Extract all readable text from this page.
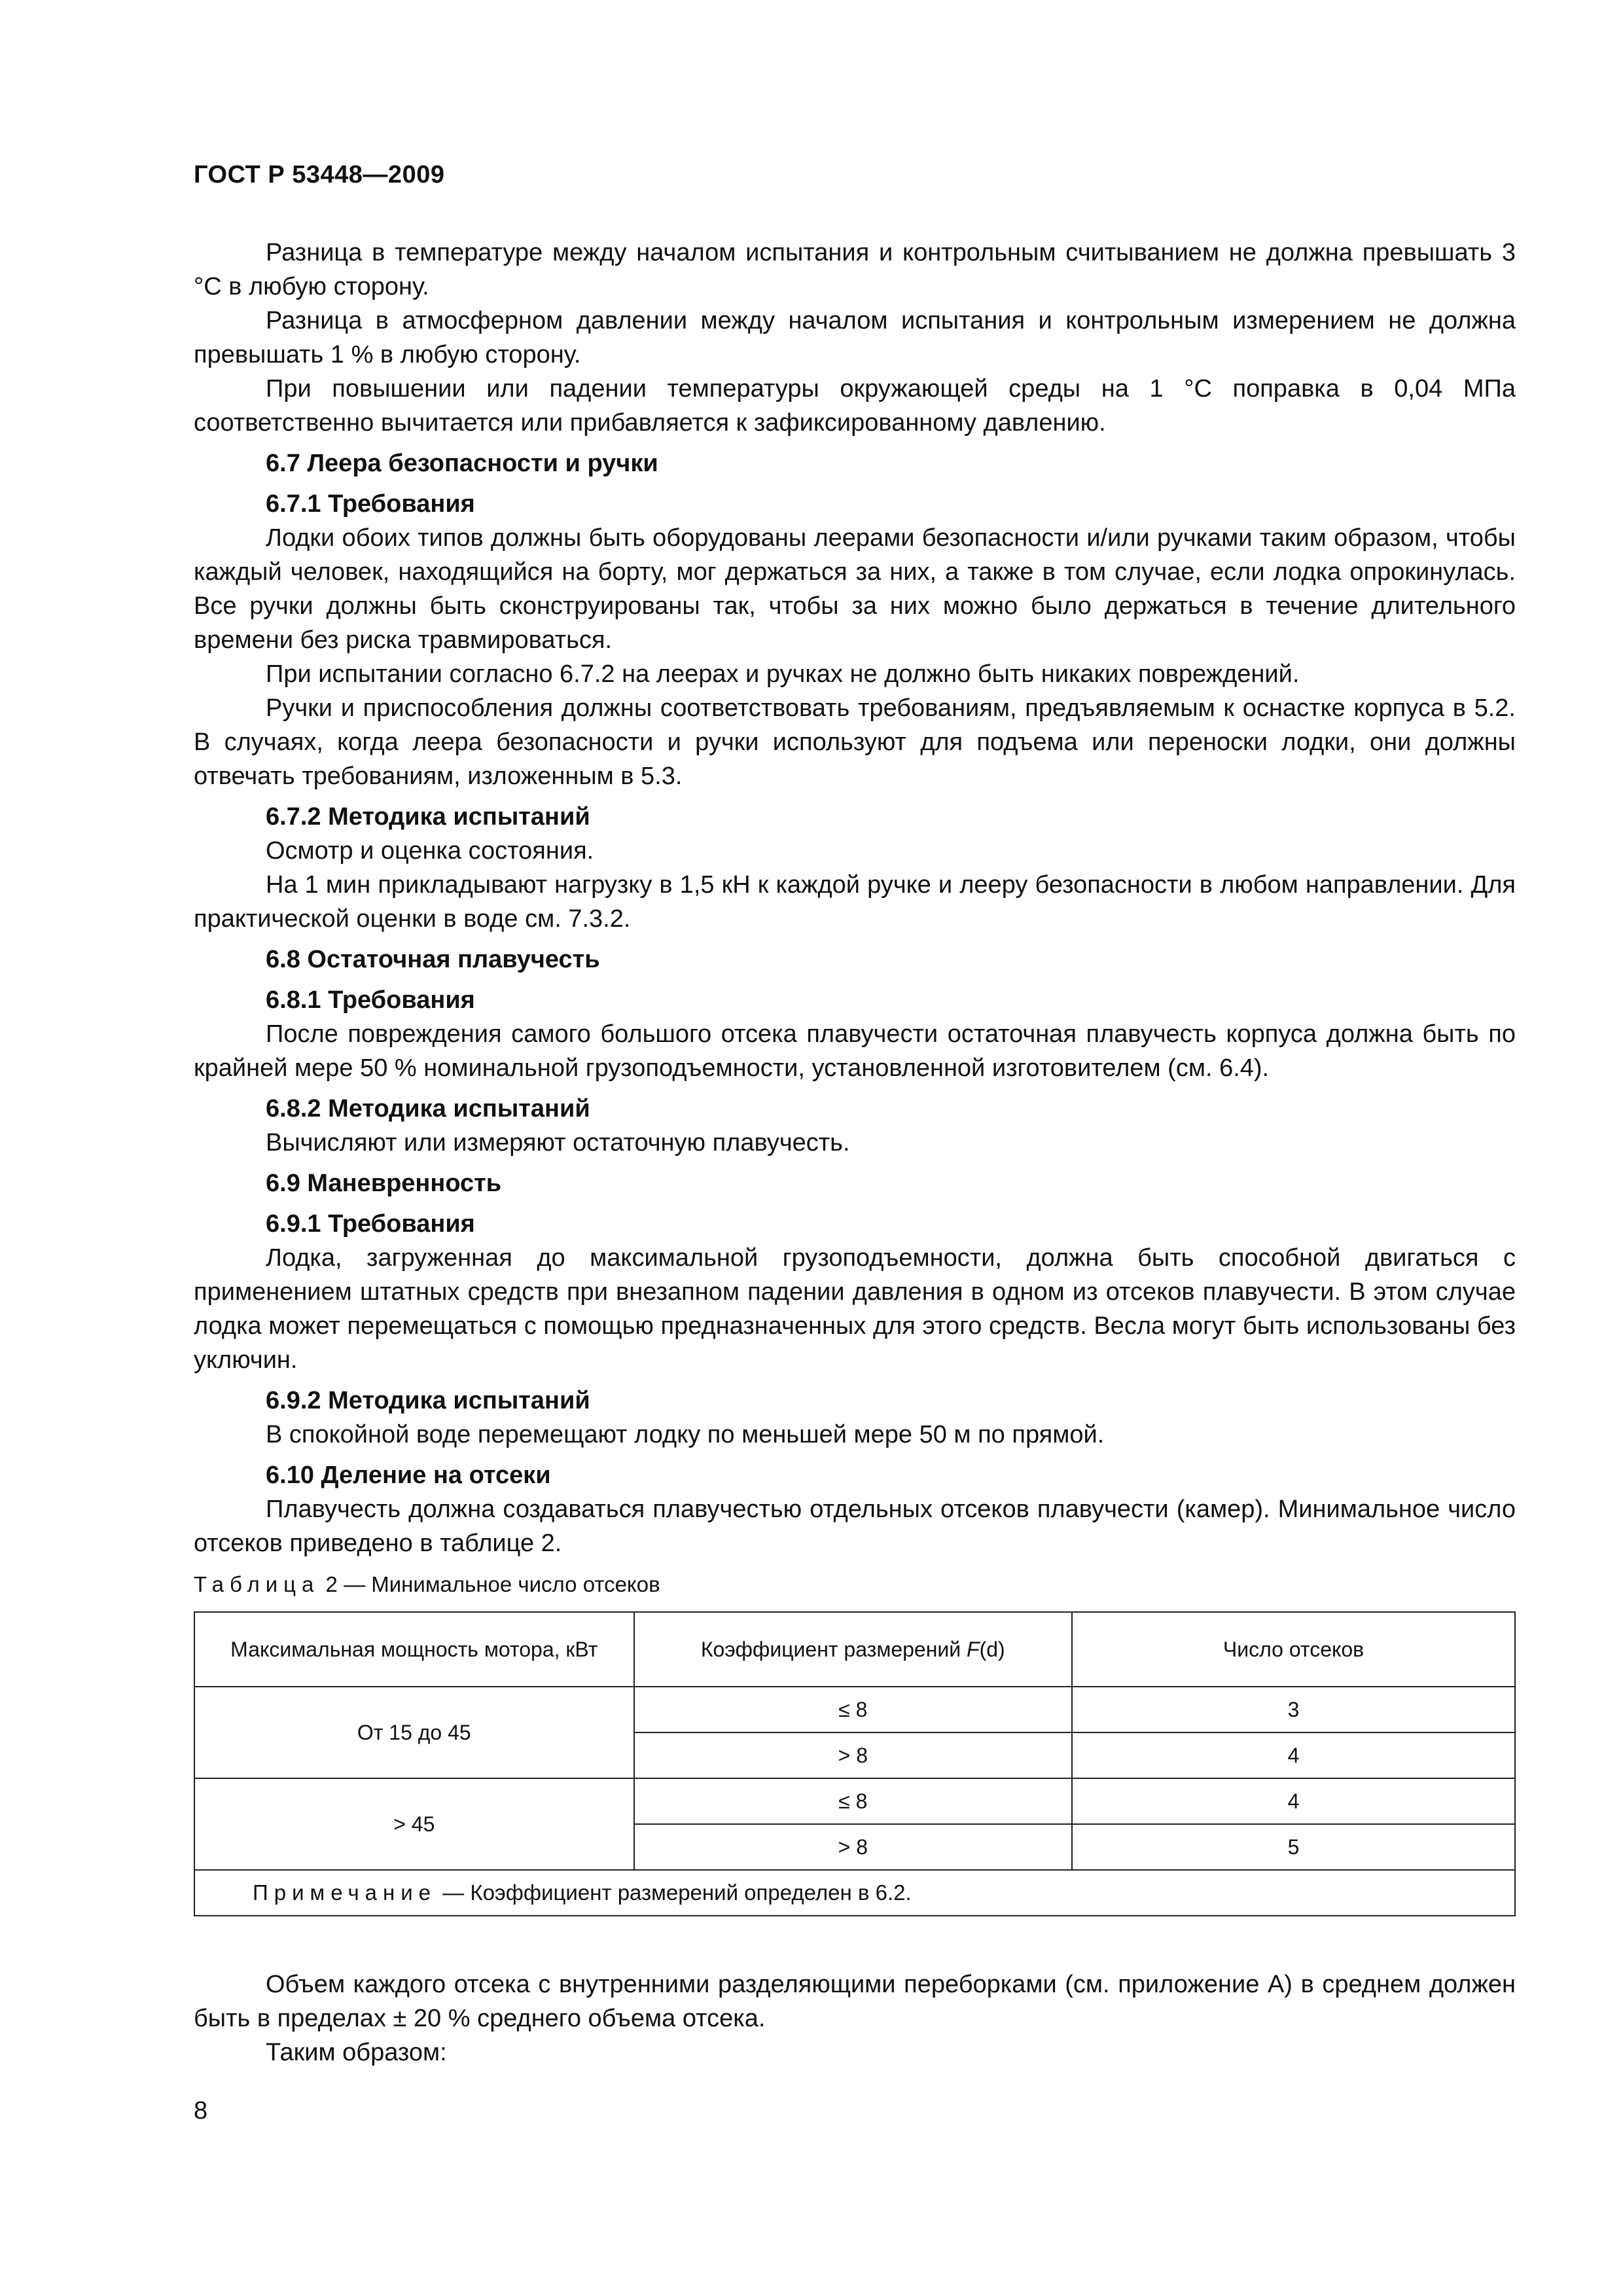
ГОСТ Р 53448—2009

Разница в температуре между началом испытания и контрольным считыванием не должна превышать 3 °С в любую сторону.

Разница в атмосферном давлении между началом испытания и контрольным измерением не должна превышать 1 % в любую сторону.

При повышении или падении температуры окружающей среды на 1 °С поправка в 0,04 МПа соответственно вычитается или прибавляется к зафиксированному давлению.

6.7 Леера безопасности и ручки

6.7.1 Требования

Лодки обоих типов должны быть оборудованы леерами безопасности и/или ручками таким образом, чтобы каждый человек, находящийся на борту, мог держаться за них, а также в том случае, если лодка опрокинулась. Все ручки должны быть сконструированы так, чтобы за них можно было держаться в течение длительного времени без риска травмироваться.

При испытании согласно 6.7.2 на леерах и ручках не должно быть никаких повреждений.

Ручки и приспособления должны соответствовать требованиям, предъявляемым к оснастке корпуса в 5.2. В случаях, когда леера безопасности и ручки используют для подъема или переноски лодки, они должны отвечать требованиям, изложенным в 5.3.

6.7.2 Методика испытаний

Осмотр и оценка состояния.

На 1 мин прикладывают нагрузку в 1,5 кН к каждой ручке и лееру безопасности в любом направлении. Для практической оценки в воде см. 7.3.2.

6.8 Остаточная плавучесть

6.8.1 Требования

После повреждения самого большого отсека плавучести остаточная плавучесть корпуса должна быть по крайней мере 50 % номинальной грузоподъемности, установленной изготовителем (см. 6.4).

6.8.2 Методика испытаний

Вычисляют или измеряют остаточную плавучесть.

6.9 Маневренность

6.9.1 Требования

Лодка, загруженная до максимальной грузоподъемности, должна быть способной двигаться с применением штатных средств при внезапном падении давления в одном из отсеков плавучести. В этом случае лодка может перемещаться с помощью предназначенных для этого средств. Весла могут быть использованы без уключин.

6.9.2 Методика испытаний

В спокойной воде перемещают лодку по меньшей мере 50 м по прямой.

6.10 Деление на отсеки

Плавучесть должна создаваться плавучестью отдельных отсеков плавучести (камер). Минимальное число отсеков приведено в таблице 2.

Таблица 2 — Минимальное число отсеков
Максимальная мощность мотора, кВт	Коэффициент размерений F(d)	Число отсеков
От 15 до 45	≤ 8	3
	> 8	4
> 45	≤ 8	4
	> 8	5
Примечание — Коэффициент размерений определен в 6.2.		

Объем каждого отсека с внутренними разделяющими переборками (см. приложение А) в среднем должен быть в пределах ± 20 % среднего объема отсека.

Таким образом:

8
